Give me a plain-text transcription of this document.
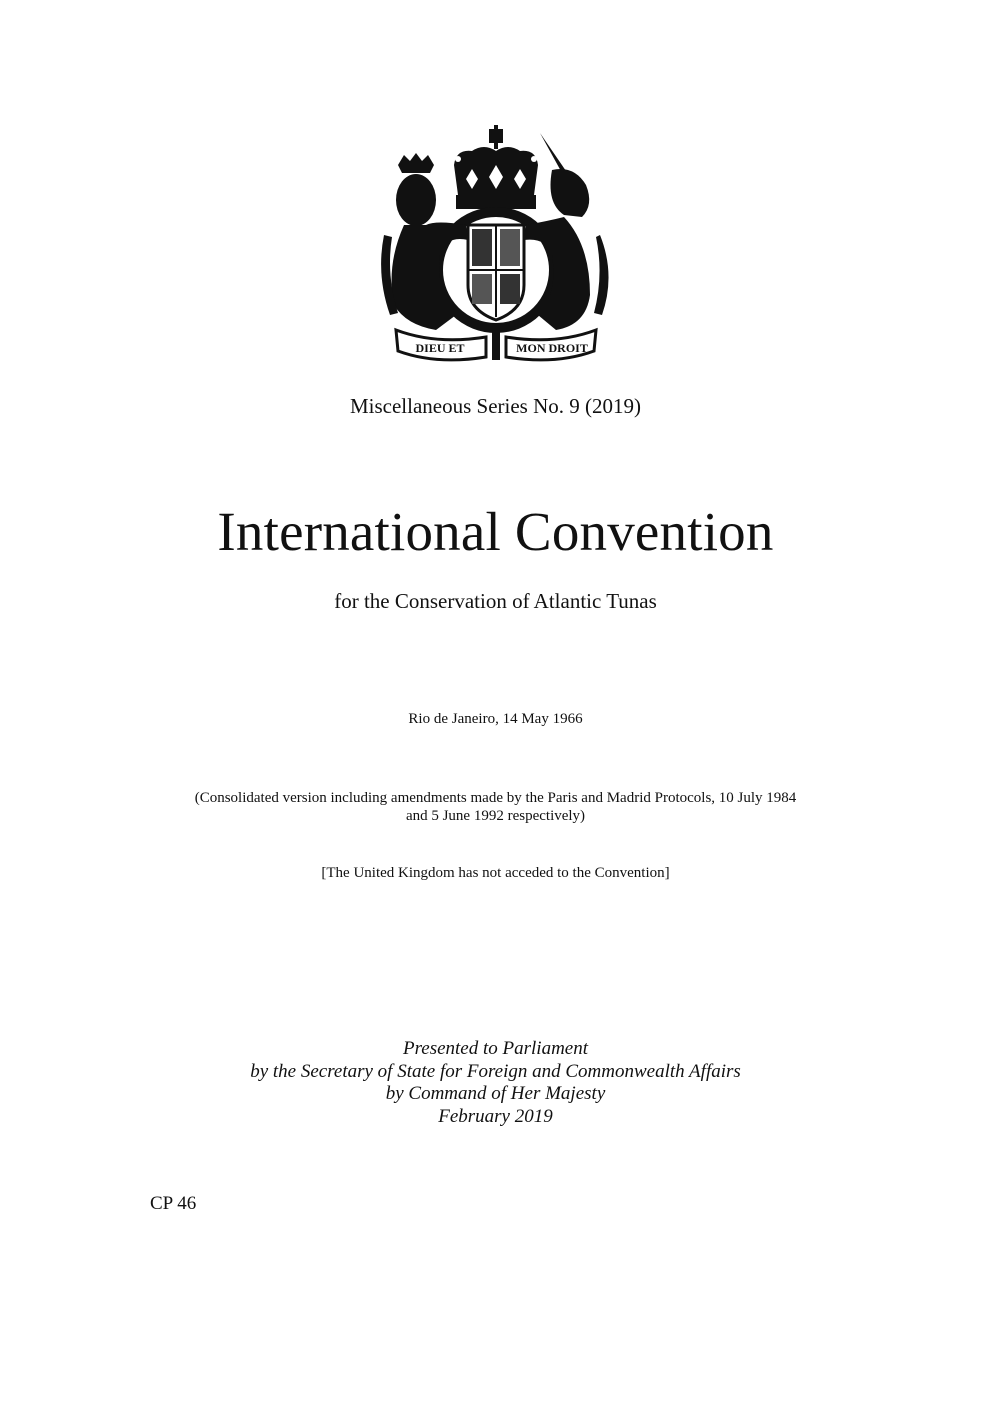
DIEU ET	MON DROIT
Miscellaneous Series No. 9 (2019)
International Convention
for the Conservation of Atlantic Tunas
Rio de Janeiro, 14 May 1966
(Consolidated version including amendments made by the Paris and Madrid Protocols, 10 July 1984
and 5 June 1992 respectively)
[The United Kingdom has not acceded to the Convention]
Presented to Parliament
by the Secretary of State for Foreign and Commonwealth Affairs
by Command of Her Majesty
February 2019
CP 46
